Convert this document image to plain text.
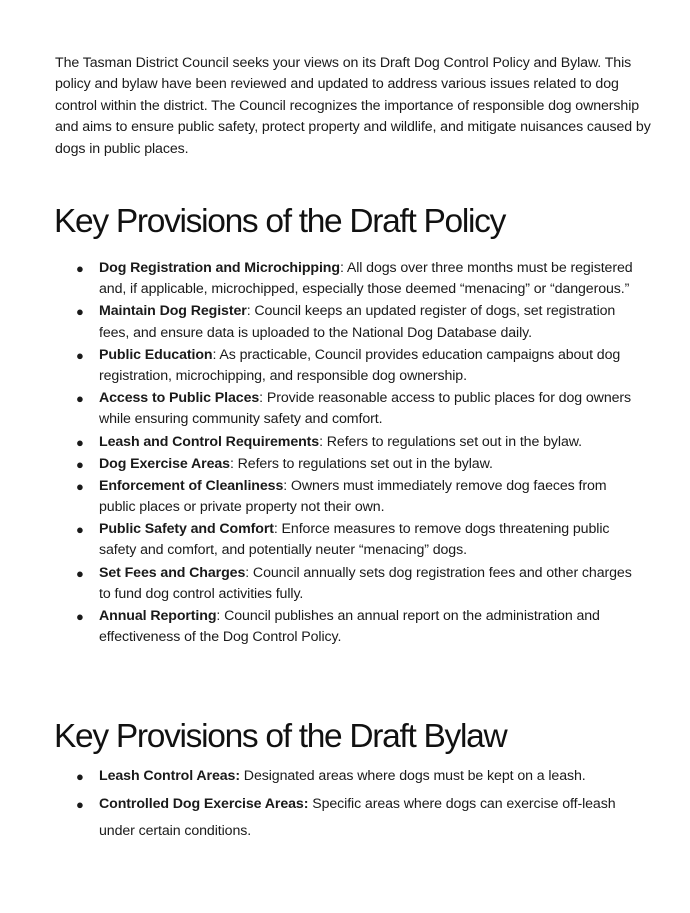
The Tasman District Council seeks your views on its Draft Dog Control Policy and Bylaw. This policy and bylaw have been reviewed and updated to address various issues related to dog control within the district. The Council recognizes the importance of responsible dog ownership and aims to ensure public safety, protect property and wildlife, and mitigate nuisances caused by dogs in public places.

Key Provisions of the Draft Policy
● Dog Registration and Microchipping: All dogs over three months must be registered and, if applicable, microchipped, especially those deemed “menacing” or “dangerous.”
● Maintain Dog Register: Council keeps an updated register of dogs, set registration fees, and ensure data is uploaded to the National Dog Database daily.
● Public Education: As practicable, Council provides education campaigns about dog registration, microchipping, and responsible dog ownership.
● Access to Public Places: Provide reasonable access to public places for dog owners while ensuring community safety and comfort.
● Leash and Control Requirements: Refers to regulations set out in the bylaw.
● Dog Exercise Areas: Refers to regulations set out in the bylaw.
● Enforcement of Cleanliness: Owners must immediately remove dog faeces from public places or private property not their own.
● Public Safety and Comfort: Enforce measures to remove dogs threatening public safety and comfort, and potentially neuter “menacing” dogs.
● Set Fees and Charges: Council annually sets dog registration fees and other charges to fund dog control activities fully.
● Annual Reporting: Council publishes an annual report on the administration and effectiveness of the Dog Control Policy.
Key Provisions of the Draft Bylaw
● Leash Control Areas: Designated areas where dogs must be kept on a leash.
● Controlled Dog Exercise Areas: Specific areas where dogs can exercise off-leash under certain conditions.
